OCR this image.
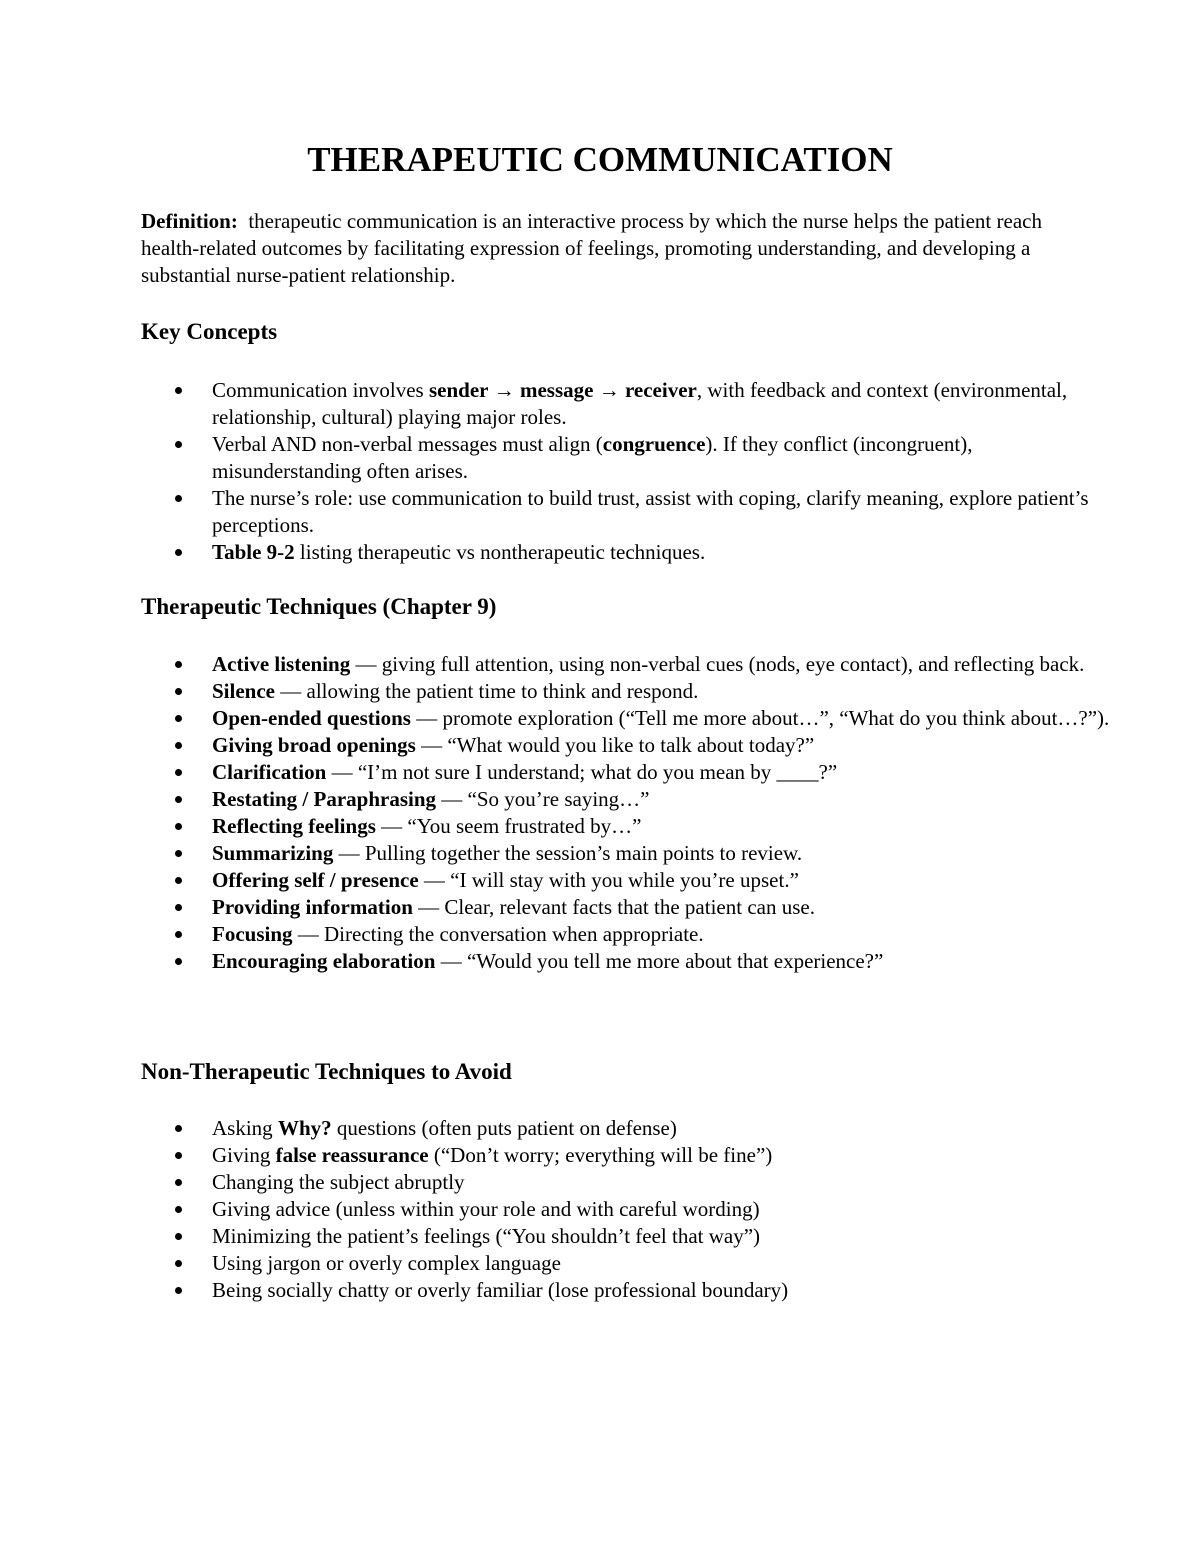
THERAPEUTIC COMMUNICATION

Definition: therapeutic communication is an interactive process by which the nurse helps the patient reach health-related outcomes by facilitating expression of feelings, promoting understanding, and developing a substantial nurse-patient relationship.

Key Concepts
Communication involves sender → message → receiver, with feedback and context (environmental, relationship, cultural) playing major roles.
Verbal AND non-verbal messages must align (congruence). If they conflict (incongruent), misunderstanding often arises.
The nurse’s role: use communication to build trust, assist with coping, clarify meaning, explore patient’s perceptions.
Table 9-2 listing therapeutic vs nontherapeutic techniques.
Therapeutic Techniques (Chapter 9)
Active listening — giving full attention, using non-verbal cues (nods, eye contact), and reflecting back.
Silence — allowing the patient time to think and respond.
Open-ended questions — promote exploration (“Tell me more about…”, “What do you think about…?”).
Giving broad openings — “What would you like to talk about today?”
Clarification — “I’m not sure I understand; what do you mean by ____?”
Restating / Paraphrasing — “So you’re saying…”
Reflecting feelings — “You seem frustrated by…”
Summarizing — Pulling together the session’s main points to review.
Offering self / presence — “I will stay with you while you’re upset.”
Providing information — Clear, relevant facts that the patient can use.
Focusing — Directing the conversation when appropriate.
Encouraging elaboration — “Would you tell me more about that experience?”
Non-Therapeutic Techniques to Avoid
Asking Why? questions (often puts patient on defense)
Giving false reassurance (“Don’t worry; everything will be fine”)
Changing the subject abruptly
Giving advice (unless within your role and with careful wording)
Minimizing the patient’s feelings (“You shouldn’t feel that way”)
Using jargon or overly complex language
Being socially chatty or overly familiar (lose professional boundary)
